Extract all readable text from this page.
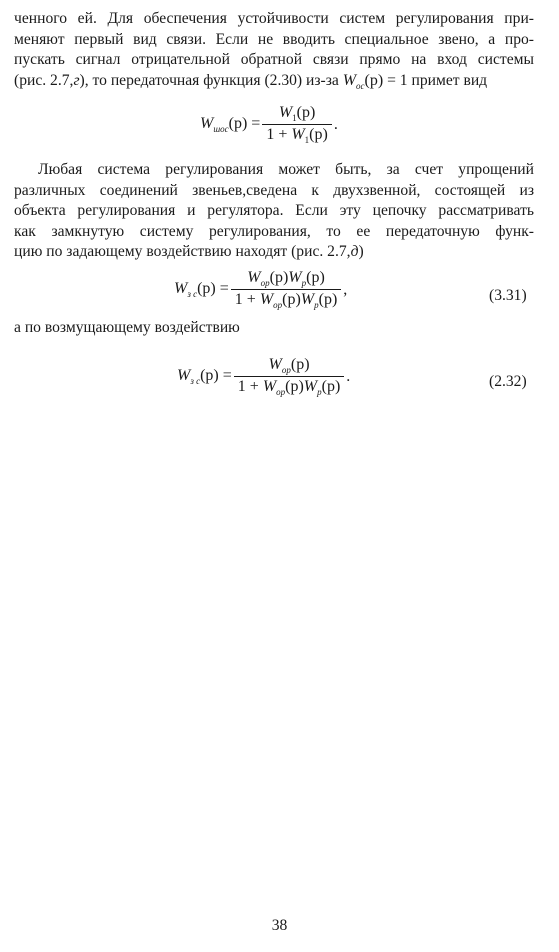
ченного ей. Для обеспечения устойчивости систем регулирования при-
меняют первый вид связи. Если не вводить специальное звено, а про-
пускать сигнал отрицательной обратной связи прямо на вход системы
(рис. 2.7,г), то передаточная функция (2.30) из-за $W_{ос}(p) = 1$ примет вид
$W_{шос}(p) = \frac{W_1(p)}{1 + W_1(p)}$ .
Любая система регулирования может быть, за счет упрощений
различных соединений звеньев,сведена к двухзвенной, состоящей из
объекта регулирования и регулятора. Если эту цепочку рассматривать
как замкнутую систему регулирования, то ее передаточную функ-
цию по задающему воздействию находят (рис. 2.7,д)
$W_{з с}(p) = \frac{W_{ор}(p)W_р(p)}{1 + W_{ор}(p)W_р(p)}$ ,	(3.31)
а по возмущающему воздействию
$W_{з с}(p) = \frac{W_{ор}(p)}{1 + W_{ор}(p)W_р(p)}$ .	(2.32)
38
